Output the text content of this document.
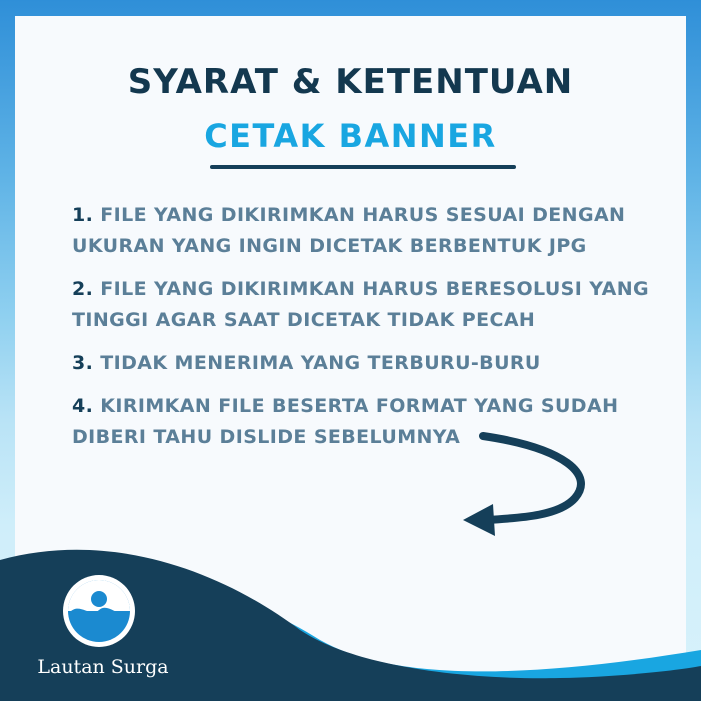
SYARAT & KETENTUAN
CETAK BANNER
1. FILE YANG DIKIRIMKAN HARUS SESUAI DENGAN
UKURAN YANG INGIN DICETAK BERBENTUK JPG
2. FILE YANG DIKIRIMKAN HARUS BERESOLUSI YANG
TINGGI AGAR SAAT DICETAK TIDAK PECAH
3. TIDAK MENERIMA YANG TERBURU-BURU
4. KIRIMKAN FILE BESERTA FORMAT YANG SUDAH
DIBERI TAHU DISLIDE SEBELUMNYA
Lautan Surga
